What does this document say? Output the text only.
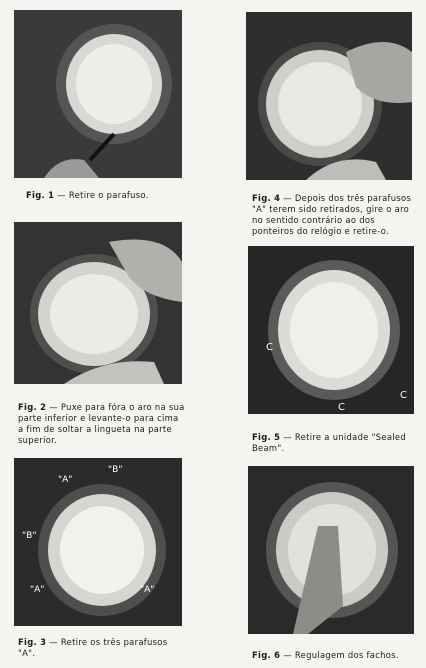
Fig. 1 — Retire o parafuso.	Fig. 4 — Depois dos três parafusos "A" terem sido retirados, gire o aro no sentido contrário ao dos ponteiros do relógio e retire-o.
Fig. 2 — Puxe para fóra o aro na sua parte inferior e levante-o para cima a fim de soltar a lingueta na parte superior.
C
C
C
Fig. 5 — Retire a unidade "Sealed Beam".
"A"
"B"
"B"
"A"	"A"
Fig. 3 — Retire os três parafusos "A".	Fig. 6 — Regulagem dos fachos.
